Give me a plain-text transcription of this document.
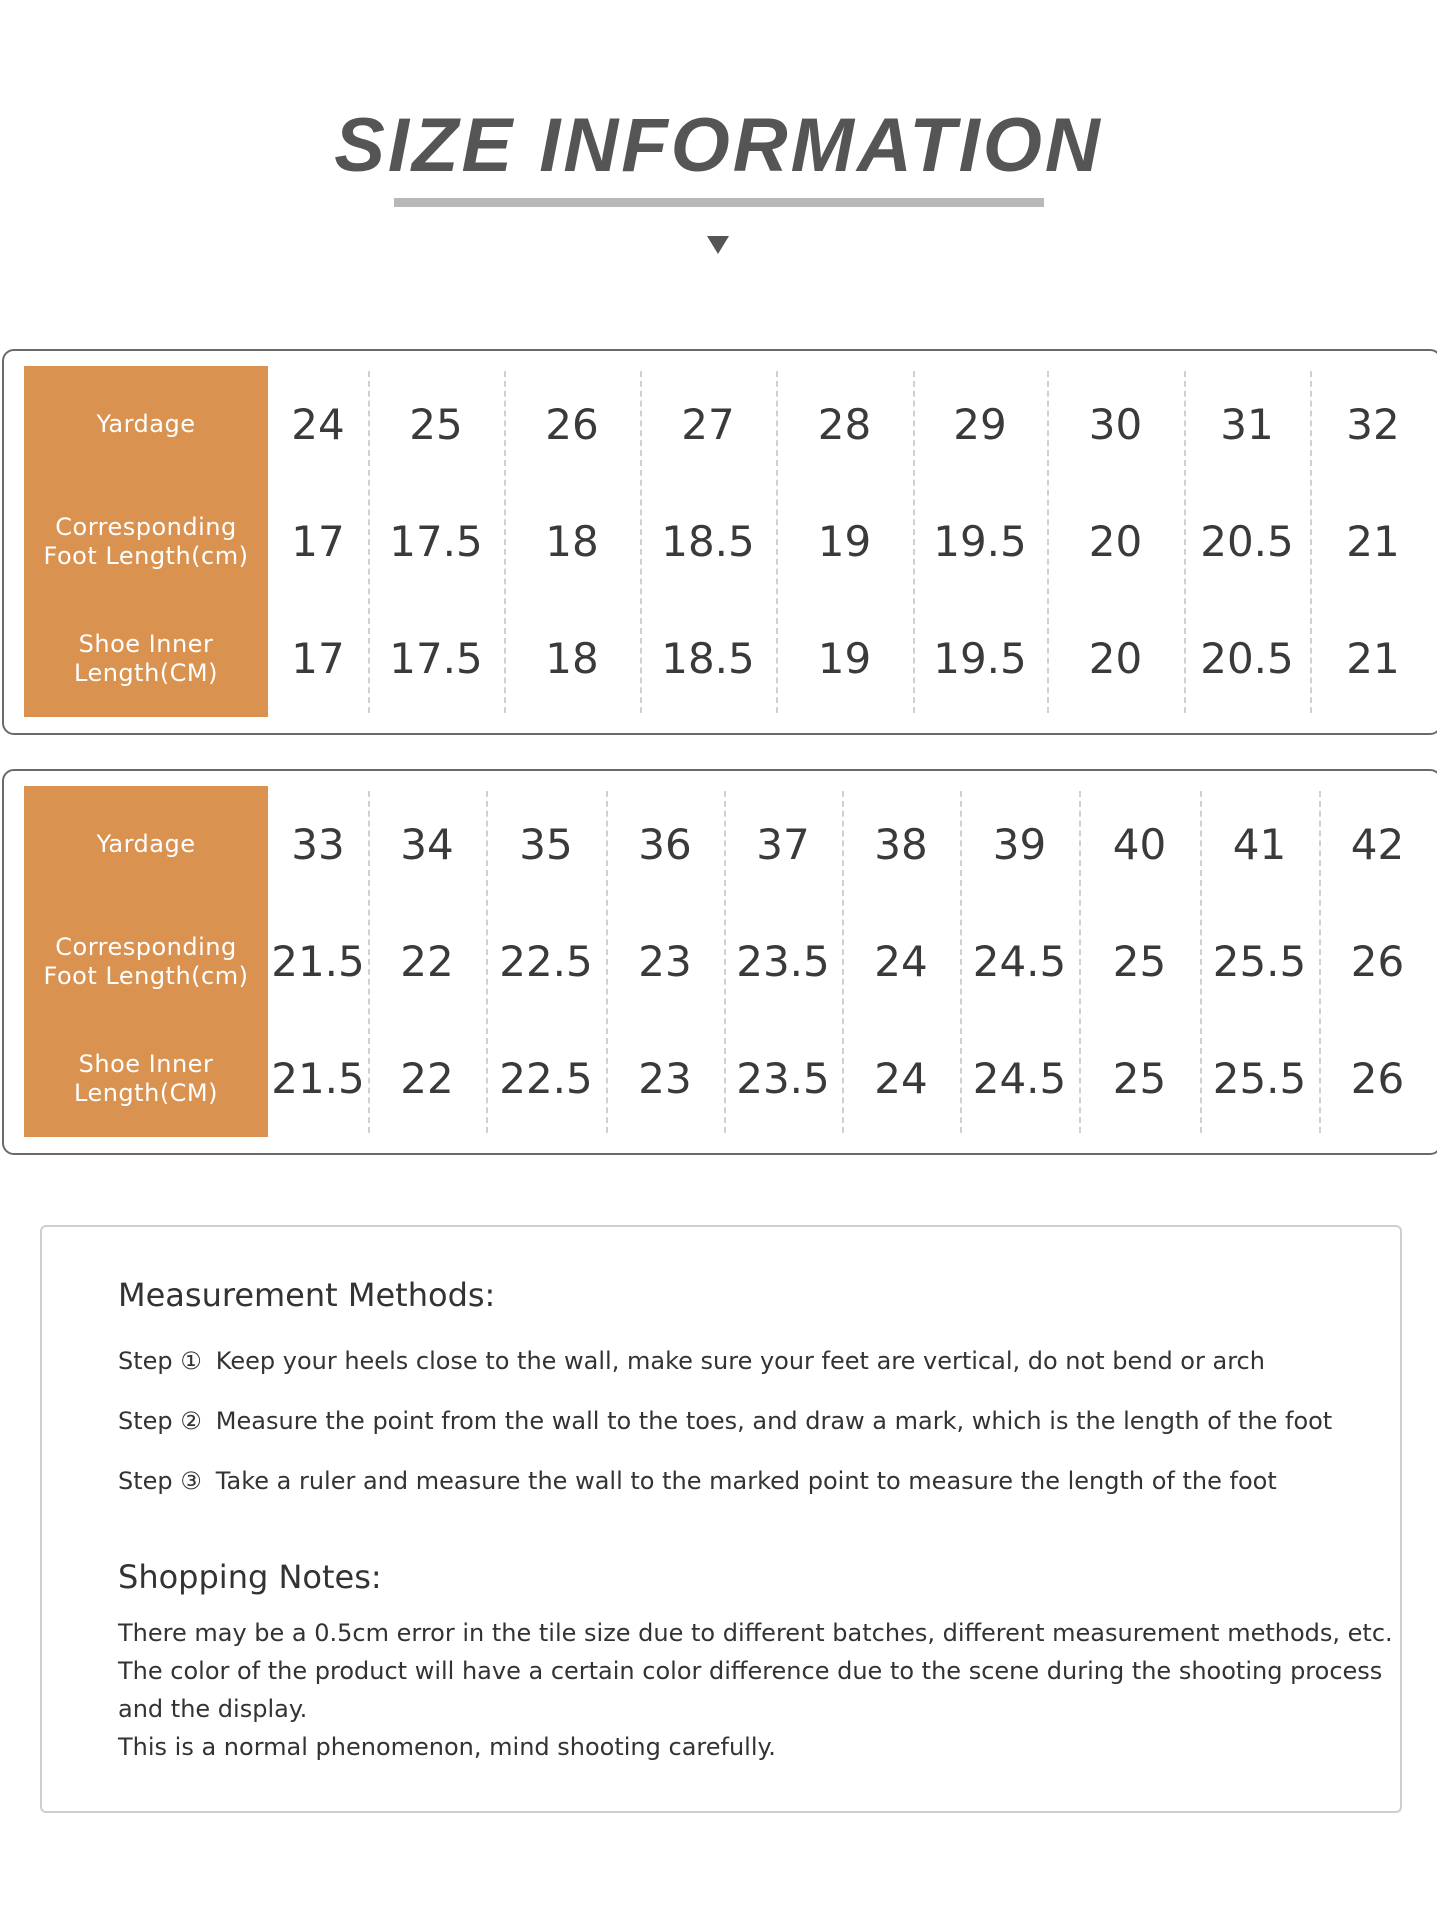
SIZE INFORMATION
Yardage
Corresponding
Foot Length(cm)
Shoe Inner
Length(CM)
24
17
17
25
17.5
17.5
26
18
18
27
18.5
18.5
28
19
19
29
19.5
19.5
30
20
20
31
20.5
20.5
32
21
21
Yardage
Corresponding
Foot Length(cm)
Shoe Inner
Length(CM)
33
21.5
21.5
34
22
22
35
22.5
22.5
36
23
23
37
23.5
23.5
38
24
24
39
24.5
24.5
40
25
25
41
25.5
25.5
42
26
26
Measurement Methods:
Step ① Keep your heels close to the wall, make sure your feet are vertical, do not bend or arch
Step ② Measure the point from the wall to the toes, and draw a mark, which is the length of the foot
Step ③ Take a ruler and measure the wall to the marked point to measure the length of the foot
Shopping Notes:
There may be a 0.5cm error in the tile size due to different batches, different measurement methods, etc.
The color of the product will have a certain color difference due to the scene during the shooting process
and the display.
This is a normal phenomenon, mind shooting carefully.
